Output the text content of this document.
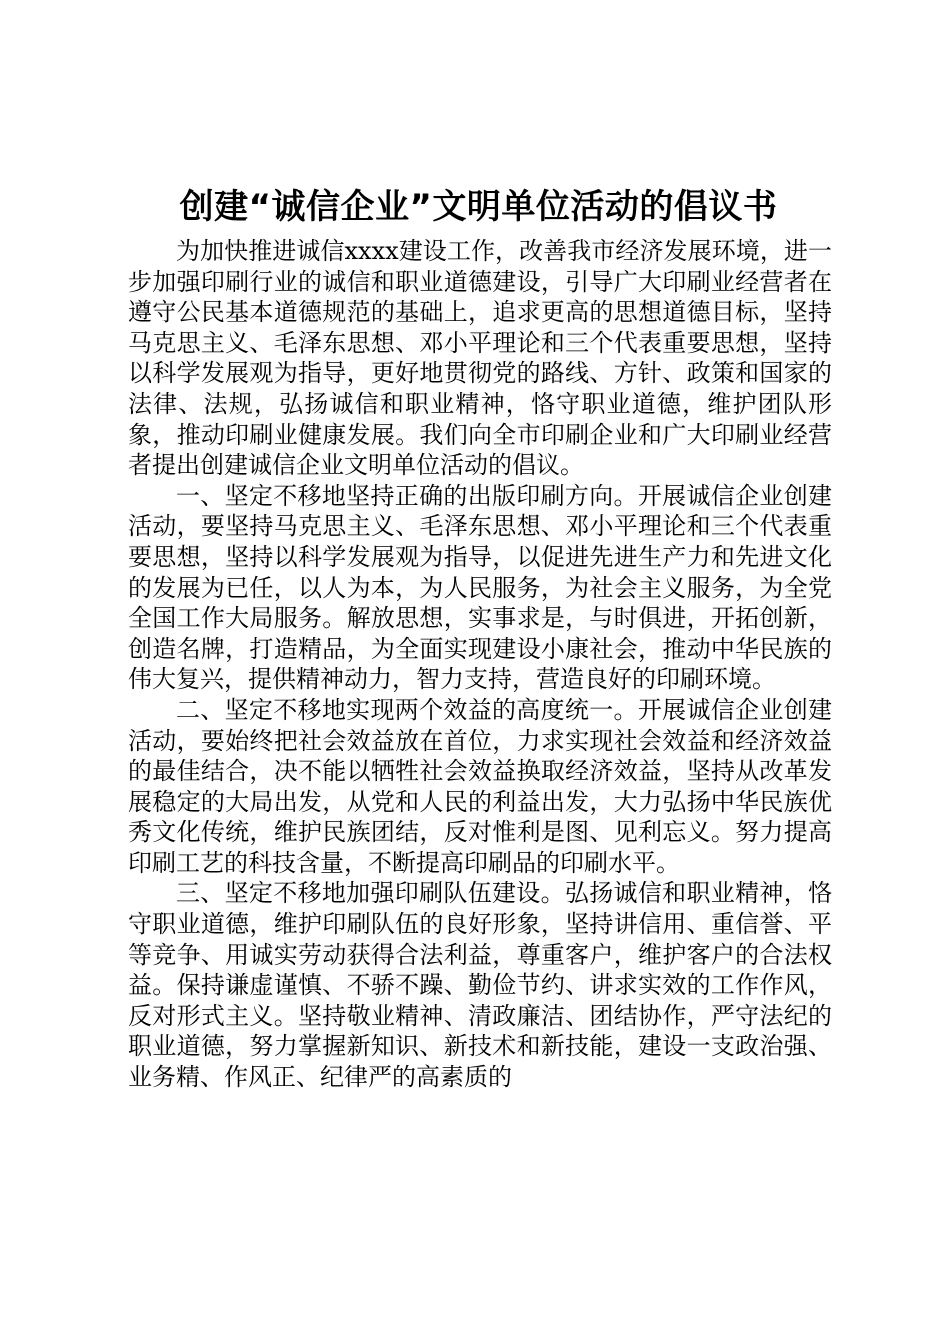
创建“诚信企业”文明单位活动的倡议书

为加快推进诚信xxxx建设工作，改善我市经济发展环境，进一步加强印刷行业的诚信和职业道德建设，引导广大印刷业经营者在遵守公民基本道德规范的基础上，追求更高的思想道德目标，坚持马克思主义、毛泽东思想、邓小平理论和三个代表重要思想，坚持以科学发展观为指导，更好地贯彻党的路线、方针、政策和国家的法律、法规，弘扬诚信和职业精神，恪守职业道德，维护团队形象，推动印刷业健康发展。我们向全市印刷企业和广大印刷业经营者提出创建诚信企业文明单位活动的倡议。

一、坚定不移地坚持正确的出版印刷方向。开展诚信企业创建活动，要坚持马克思主义、毛泽东思想、邓小平理论和三个代表重要思想，坚持以科学发展观为指导，以促进先进生产力和先进文化的发展为已任，以人为本，为人民服务，为社会主义服务，为全党全国工作大局服务。解放思想，实事求是，与时俱进，开拓创新，创造名牌，打造精品，为全面实现建设小康社会，推动中华民族的伟大复兴，提供精神动力，智力支持，营造良好的印刷环境。

二、坚定不移地实现两个效益的高度统一。开展诚信企业创建活动，要始终把社会效益放在首位，力求实现社会效益和经济效益的最佳结合，决不能以牺牲社会效益换取经济效益，坚持从改革发展稳定的大局出发，从党和人民的利益出发，大力弘扬中华民族优秀文化传统，维护民族团结，反对惟利是图、见利忘义。努力提高印刷工艺的科技含量，不断提高印刷品的印刷水平。

三、坚定不移地加强印刷队伍建设。弘扬诚信和职业精神，恪守职业道德，维护印刷队伍的良好形象，坚持讲信用、重信誉、平等竞争、用诚实劳动获得合法利益，尊重客户，维护客户的合法权益。保持谦虚谨慎、不骄不躁、勤俭节约、讲求实效的工作作风，反对形式主义。坚持敬业精神、清政廉洁、团结协作，严守法纪的职业道德，努力掌握新知识、新技术和新技能，建设一支政治强、业务精、作风正、纪律严的高素质的
